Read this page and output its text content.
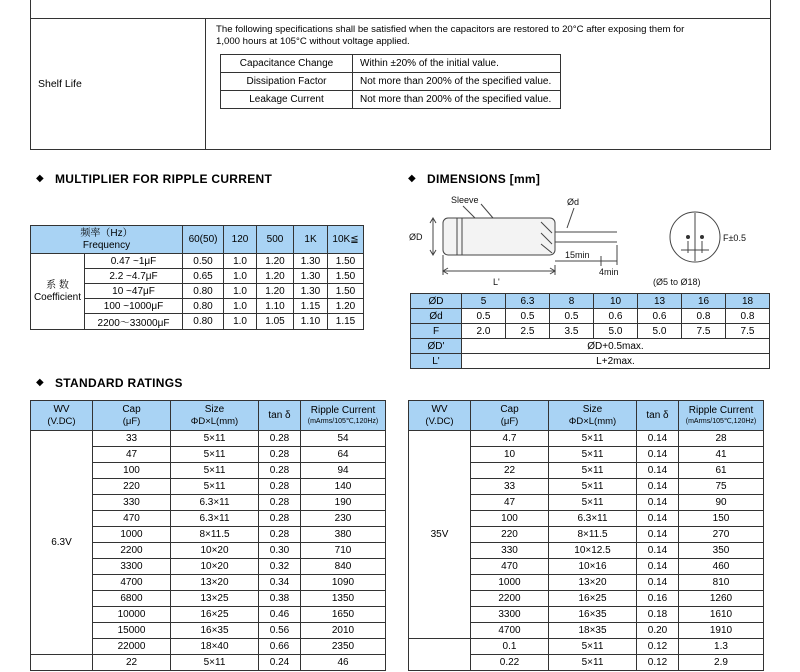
Shelf Life
The following specifications shall be satisfied when the capacitors are restored to 20°C after exposing them for
1,000 hours at 105°C without voltage applied.
Capacitance Change	Within ±20% of the initial value.
Dissipation Factor	Not more than 200% of the specified value.
Leakage Current	Not more than 200% of the specified value.
◆ MULTIPLIER FOR RIPPLE CURRENT	◆ DIMENSIONS [mm]
◆ STANDARD RATINGS
频率（Hz）
Frequency		60(50)	120	500	1K	10K≦

系 数
Coefficient	0.47 ~1μF	0.50	1.0	1.20	1.30	1.50
	2.2 ~4.7μF	0.65	1.0	1.20	1.30	1.50
	10 ~47μF	0.80	1.0	1.20	1.30	1.50
	100 ~1000μF	0.80	1.0	1.10	1.15	1.20
	2200～33000μF	0.80	1.0	1.05	1.10	1.15
Sleeve	Ød
ØD
15min
4min
L'
F±0.5
(Ø5 to Ø18)
ØD	5	6.3	8	10	13	16	18
Ød	0.5	0.5	0.5	0.6	0.6	0.8	0.8
F	2.0	2.5	3.5	5.0	5.0	7.5	7.5
ØD'	ØD+0.5max.						
L'	L+2max.						
WV
(V.DC)

Cap
(μF)

Size
ΦD×L(mm)

tan δ	Ripple Current
(mArms/105℃,120Hz)

6.3V	33	5×11	0.28	54
	47	5×11	0.28	64
	100	5×11	0.28	94
	220	5×11	0.28	140
	330	6.3×11	0.28	190
	470	6.3×11	0.28	230
	1000	8×11.5	0.28	380
	2200	10×20	0.30	710
	3300	10×20	0.32	840
	4700	13×20	0.34	1090
	6800	13×25	0.38	1350
	10000	16×25	0.46	1650
	15000	16×35	0.56	2010
	22000	18×40	0.66	2350
	22	5×11	0.24	46
WV
(V.DC)

Cap
(μF)

Size
ΦD×L(mm)

tan δ	Ripple Current
(mArms/105℃,120Hz)

35V	4.7	5×11	0.14	28
	10	5×11	0.14	41
	22	5×11	0.14	61
	33	5×11	0.14	75
	47	5×11	0.14	90
	100	6.3×11	0.14	150
	220	8×11.5	0.14	270
	330	10×12.5	0.14	350
	470	10×16	0.14	460
	1000	13×20	0.14	810
	2200	16×25	0.16	1260
	3300	16×35	0.18	1610
	4700	18×35	0.20	1910
	0.1	5×11	0.12	1.3
	0.22	5×11	0.12	2.9
